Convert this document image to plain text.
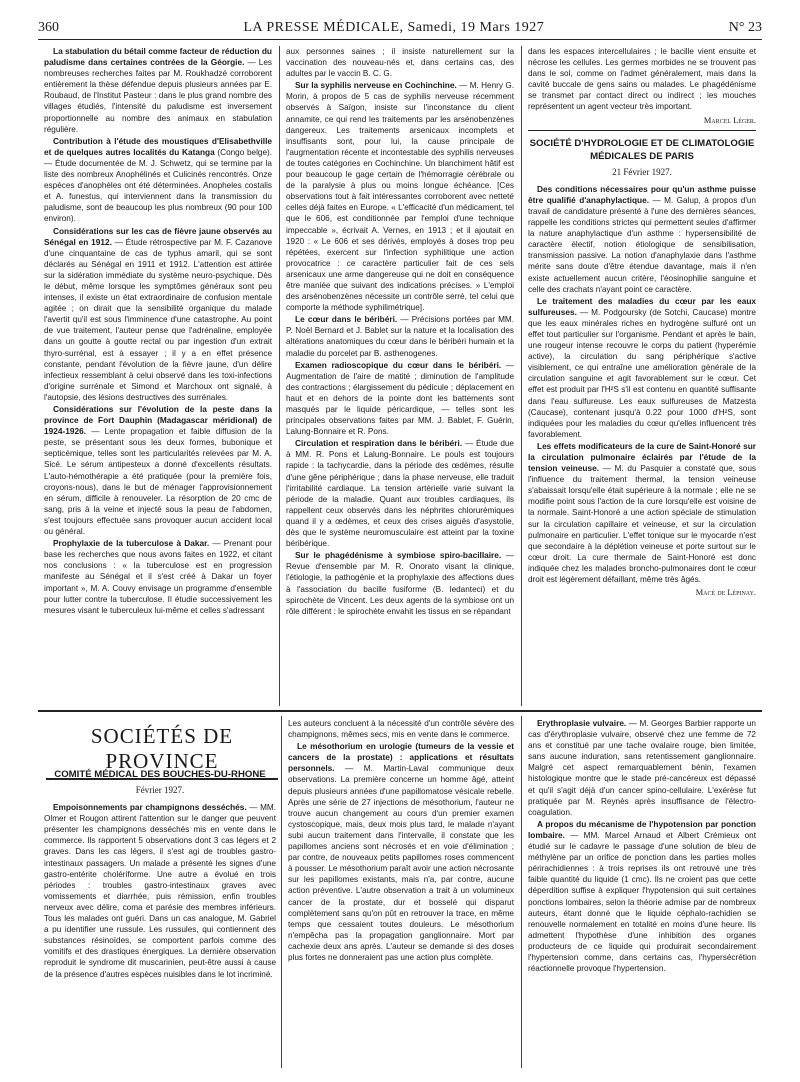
360	LA PRESSE MÉDICALE, Samedi, 19 Mars 1927	N° 23

La stabulation du bétail comme facteur de réduction du paludisme dans certaines contrées de la Géorgie. — Les nombreuses recherches faites par M. Roukhadzé corroborent entièrement la thèse défendue depuis plusieurs années par E. Roubaud, de l'Institut Pasteur : dans le plus grand nombre des villages étudiés, l'intensité du paludisme est inversement proportionnelle au nombre des animaux en stabulation régulière.

Contribution à l'étude des moustiques d'Elisabethville et de quelques autres localités du Katanga (Congo belge). — Étude documentée de M. J. Schwetz, qui se termine par la liste des nombreux Anophélinés et Culicinés rencontrés. Onze espèces d'anophèles ont été déterminées. Anopheles costalis et A. funestus, qui interviennent dans la transmission du paludisme, sont de beaucoup les plus nombreux (90 pour 100 environ).

Considérations sur les cas de fièvre jaune observés au Sénégal en 1912. — Étude rétrospective par M. F. Cazanove d'une cinquantaine de cas de typhus amaril, qui se sont déclarés au Sénégal en 1911 et 1912. L'attention est attirée sur la sidération immédiate du système neuro-psychique. Dès le début, même lorsque les symptômes généraux sont peu intenses, il existe un état extraordinaire de confusion mentale agitée ; on dirait que la sensibilité organique du malade l'avertit qu'il est sous l'imminence d'une catastrophe. Au point de vue traitement, l'auteur pense que l'adrénaline, employée dans un goutte à goutte rectal ou par ingestion d'un extrait thyro-surrénal, est à essayer ; il y a en effet présence constante, pendant l'évolution de la fièvre jaune, d'un délire infectieux ressemblant à celui observé dans les toxi-infections d'origine surrénale et Simond et Marchoux ont signalé, à l'autopsie, des lésions destructives des surrénales.

Considérations sur l'évolution de la peste dans la province de Fort Dauphin (Madagascar méridional) de 1924-1926. — Lente propagation et faible diffusion de la peste, se présentant sous les deux formes, bubonique et septicémique, telles sont les particularités relevées par M. A. Sicé. Le sérum antipesteux a donné d'excellents résultats. L'auto-hémothérapie a été pratiquée (pour la première fois, croyons-nous), dans le but de ménager l'approvisionnement en sérum, difficile à renouveler. La résorption de 20 cmc de sang, pris à la veine et injecté sous la peau de l'abdomen, s'est toujours effectuée sans provoquer aucun accident local ou général.

Prophylaxie de la tuberculose à Dakar. — Prenant pour base les recherches que nous avons faites en 1922, et citant nos conclusions : « la tuberculose est en progression manifeste au Sénégal et il s'est créé à Dakar un foyer important », M. A. Couvy envisage un programme d'ensemble pour lutter contre la tuberculose. Il étudie successivement les mesures visant le tuberculeux lui-même et celles s'adressant

aux personnes saines ; il insiste naturellement sur la vaccination des nouveau-nés et, dans certains cas, des adultes par le vaccin B. C. G.

Sur la syphilis nerveuse en Cochinchine. — M. Henry G. Morin, à propos de 5 cas de syphilis nerveuse récemment observés à Saïgon, insiste sur l'inconstance du client annamite, ce qui rend les traitements par les arsénobenzènes dangereux. Les traitements arsenicaux incomplets et insuffisants sont, pour lui, la cause principale de l'augmentation récente et incontestable des syphilis nerveuses de toutes catégories en Cochinchine. Un blanchiment hâtif est pour beaucoup le gage certain de l'hémorragie cérébrale ou de la paralysie à plus ou moins longue échéance. [Ces observations tout à fait intéressantes corroborent avec netteté celles déjà faites en Europe. « L'efficacité d'un médicament, tel que le 606, est conditionnée par l'emploi d'une technique impeccable », écrivait A. Vernes, en 1913 ; et il ajoutait en 1920 : « Le 606 et ses dérivés, employés à doses trop peu répétées, exercent sur l'infection syphilitique une action provocatrice : ce caractère particulier fait de ces sels arsenicaux une arme dangereuse qui ne doit en conséquence être maniée que suivant des indications précises. » L'emploi des arsénobenzènes nécessite un contrôle serré, tel celui que comporte la méthode syphilimétrique].

Le cœur dans le béribéri. — Précisions portées par MM. P. Noël Bernard et J. Bablet sur la nature et la localisation des altérations anatomiques du cœur dans le béribéri humain et la maladie du porcelet par B. asthenogenes.

Examen radioscopique du cœur dans le béribéri. — Augmentation de l'aire de matité ; diminution de l'amplitude des contractions ; élargissement du pédicule ; déplacement en haut et en dehors de la pointe dont les battements sont masqués par le liquide péricardique, — telles sont les principales observations faites par MM. J. Bablet, F. Guérin, Lalung-Bonnaire et R. Pons.

Circulation et respiration dans le béribéri. — Étude due à MM. R. Pons et Lalung-Bonnaire. Le pouls est toujours rapide : la tachycardie, dans la période des œdèmes, résulte d'une gêne périphérique ; dans la phase nerveuse, elle traduit l'irritabilité cardiaque. La tension artérielle varie suivant la période de la maladie. Quant aux troubles cardiaques, ils rappellent ceux observés dans les néphrites chlorurémiques quand il y a œdèmes, et ceux des crises aiguës d'asystolie, dès que le système neuromusculaire est atteint par la toxine béribérique.

Sur le phagédénisme à symbiose spiro-bacillaire. — Revue d'ensemble par M. R. Onorato visant la clinique, l'étiologie, la pathogénie et la prophylaxie des affections dues à l'association du bacille fusiforme (B. ledanteci) et du spirochète de Vincent. Les deux agents de la symbiose ont un rôle différent : le spirochète envahit les tissus en se répandant

dans les espaces intercellulaires ; le bacille vient ensuite et nécrose les cellules. Les germes morbides ne se trouvent pas dans le sol, comme on l'admet généralement, mais dans la cavité buccale de gens sains ou malades. Le phagédénisme se transmet par contact direct ou indirect ; les mouches représentent un agent vecteur très important.

Marcel Léger.
SOCIÉTÉ D'HYDROLOGIE ET DE CLIMATOLOGIE MÉDICALES DE PARIS
21 Février 1927.

Des conditions nécessaires pour qu'un asthme puisse être qualifié d'anaphylactique. — M. Galup, à propos d'un travail de candidature présenté à l'une des dernières séances, rappelle les conditions strictes qui permettent seules d'affirmer la nature anaphylactique d'un asthme : hypersensibilité de caractère électif, notion étiologique de sensibilisation, transmission passive. La notion d'anaphylaxie dans l'asthme mérite sans doute d'être étendue davantage, mais il n'en existe actuellement aucun critère, l'éosinophilie sanguine et celle des crachats n'ayant point ce caractère.

Le traitement des maladies du cœur par les eaux sulfureuses. — M. Podgoursky (de Sotchi, Caucase) montre que les eaux minérales riches en hydrogène sulfuré ont un effet tout particulier sur l'organisme. Pendant et après le bain, une rougeur intense recouvre le corps du patient (hyperémie active), la circulation du sang périphérique s'active visiblement, ce qui entraîne une amélioration générale de la circulation sanguine et agit favorablement sur le cœur. Cet effet est produit par l'H²S s'il est contenu en quantité suffisante dans l'eau sulfureuse. Les eaux sulfureuses de Matzesta (Caucase), contenant jusqu'à 0.22 pour 1000 d'H²S, sont indiquées pour les maladies du cœur qu'elles influencent très favorablement.

Les effets modificateurs de la cure de Saint-Honoré sur la circulation pulmonaire éclairés par l'étude de la tension veineuse. — M. du Pasquier a constaté que, sous l'influence du traitement thermal, la tension veineuse s'abaissait lorsqu'elle était supérieure à la normale ; elle ne se modifie point sous l'action de la cure lorsqu'elle est voisine de la normale. Saint-Honoré a une action spéciale de stimulation sur la circulation capillaire et veineuse, et sur la circulation pulmonaire en particulier. L'effet tonique sur le myocarde n'est que secondaire à la déplétion veineuse et porte surtout sur le cœur droit. La cure thermale de Saint-Honoré est donc indiquée chez les malades broncho-pulmonaires dont le cœur droit est légèrement défaillant, même très âgés.

Macé de Lépinay.
SOCIÉTÉS DE PROVINCE
COMITÉ MÉDICAL DES BOUCHES-DU-RHONE
Février 1927.

Empoisonnements par champignons desséchés. — MM. Olmer et Rougon attirent l'attention sur le danger que peuvent présenter les champignons desséchés mis en vente dans le commerce. Ils rapportent 5 observations dont 3 cas légers et 2 graves. Dans les cas légers, il s'est agi de troubles gastro-intestinaux passagers. Un malade a présenté les signes d'une gastro-entérite cholériforme. Une autre a évolué en trois périodes : troubles gastro-intestinaux graves avec vomissements et diarrhée, puis rémission, enfin troubles nerveux avec délire, coma et parésie des membres inférieurs. Tous les malades ont guéri. Dans un cas analogue, M. Gabriel a pu identifier une russule. Les russules, qui contiennent des substances résinoïdes, se comportent parfois comme des vomitifs et des drastiques énergiques. La dernière observation reproduit le syndrome dit muscarinien, peut-être aussi à cause de la présence d'autres espèces nuisibles dans le lot incriminé.

Les auteurs concluent à la nécessité d'un contrôle sévère des champignons, mêmes secs, mis en vente dans le commerce.

Le mésothorium en urologie (tumeurs de la vessie et cancers de la prostate) : applications et résultats personnels. — M. Martin-Laval communique deux observations. La première concerne un homme âgé, atteint depuis plusieurs années d'une papillomatose vésicale rebelle. Après une série de 27 injections de mésothorium, l'auteur ne trouve aucun changement au cours d'un premier examen cystoscopique, mais, deux mois plus tard, le malade n'ayant subi aucun traitement dans l'intervalle, il constate que les papillomes anciens sont nécrosés et en voie d'élimination ; par contre, de nouveaux petits papillomes roses commencent à pousser. Le mésothorium paraît avoir une action nécrosante sur les papillomes existants, mais n'a, par contre, aucune action préventive. L'autre observation a trait à un volumineux cancer de la prostate, dur et bosselé qui disparut complètement sans qu'on pût en retrouver la trace, en même temps que cessaient toutes douleurs. Le mésothorium n'empêcha pas la propagation ganglionnaire. Mort par cachexie deux ans après. L'auteur se demande si des doses plus fortes ne donneraient pas une action plus complète.

Erythroplasie vulvaire. — M. Georges Barbier rapporte un cas d'érythroplasie vulvaire, observé chez une femme de 72 ans et constitué par une tache ovalaire rouge, bien limitée, sans aucune induration, sans retentissement ganglionnaire. Malgré cet aspect remarquablement bénin, l'examen histologique montre que le stade pré-cancéreux est dépassé et qu'il s'agit déjà d'un cancer spino-cellulaire. L'exérèse fut pratiquée par M. Reynès après insuffisance de l'électro-coagulation.

A propos du mécanisme de l'hypotension par ponction lombaire. — MM. Marcel Arnaud et Albert Crémieux ont étudié sur le cadavre le passage d'une solution de bleu de méthylène par un orifice de ponction dans les parties molles périrachidiennes : à trois reprises ils ont retrouvé une très faible quantité du liquide (1 cmc). Ils ne croient pas que cette déperdition suffise à expliquer l'hypotension qui suit certaines ponctions lombaires, selon la théorie admise par de nombreux auteurs, étant donné que le liquide céphalo-rachidien se renouvelle normalement en totalité en moins d'une heure. Ils admettent l'hypothèse d'une inhibition des organes producteurs de ce liquide qui produirait secondairement l'hypertension comme, dans certains cas, l'hypersécrétion réactionnelle provoque l'hypertension.
